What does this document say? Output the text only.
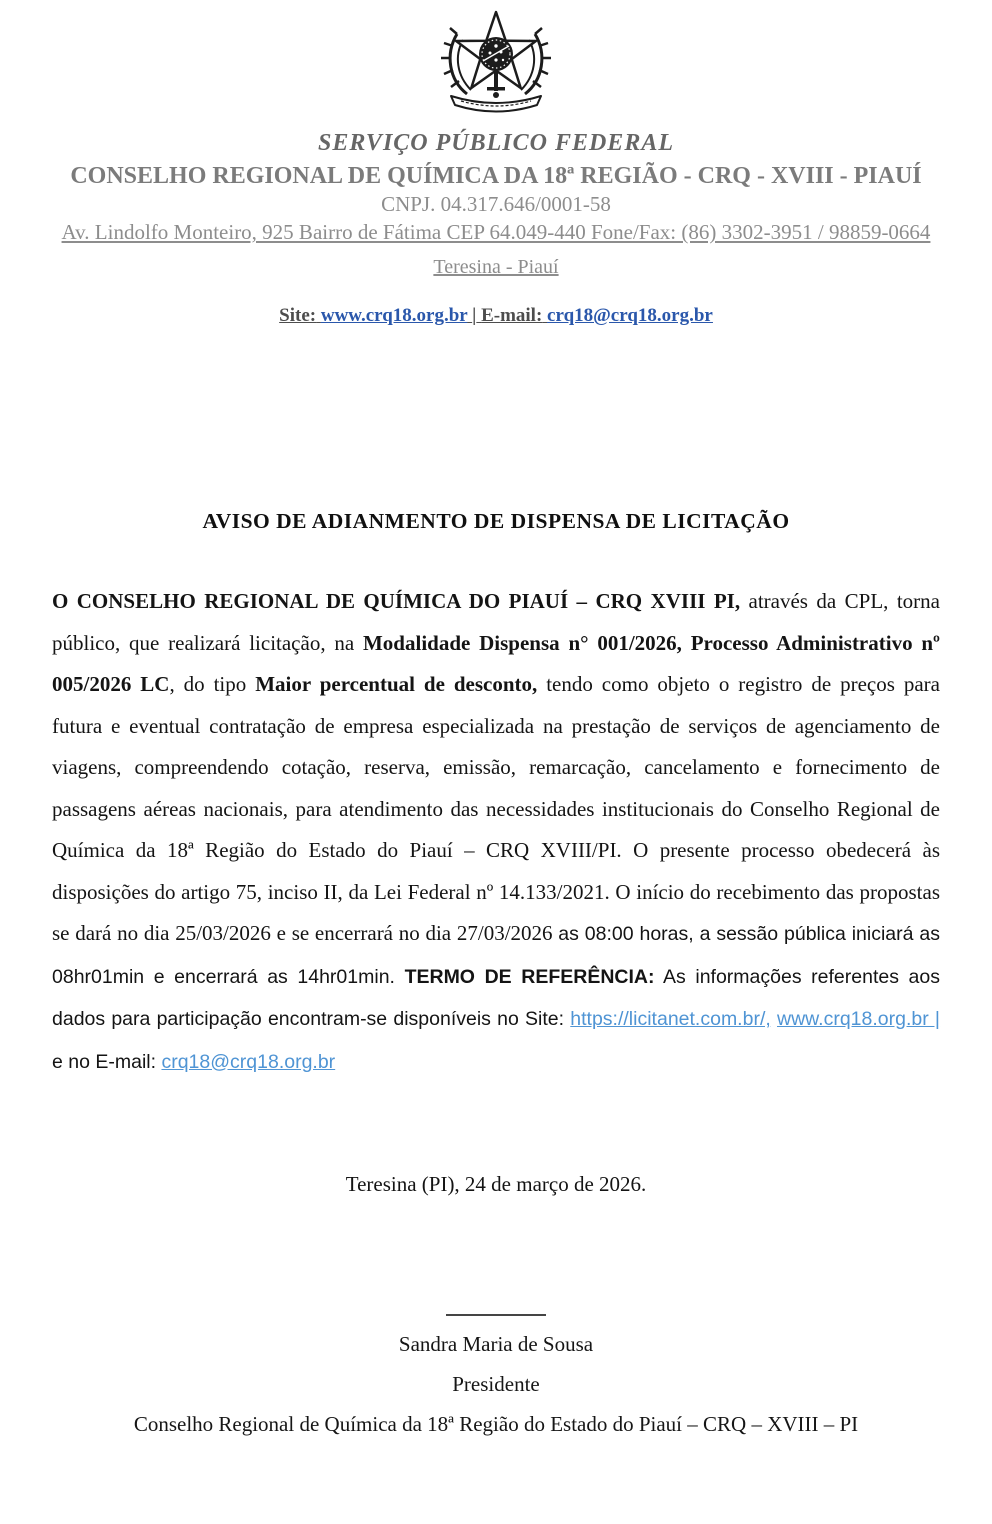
SERVIÇO PÚBLICO FEDERAL
CONSELHO REGIONAL DE QUÍMICA DA 18ª REGIÃO - CRQ - XVIII - PIAUÍ
CNPJ. 04.317.646/0001-58
Av. Lindolfo Monteiro, 925 Bairro de Fátima CEP 64.049-440 Fone/Fax: (86) 3302-3951 / 98859-0664
Teresina - Piauí
Site: www.crq18.org.br | E-mail: crq18@crq18.org.br
AVISO DE ADIANMENTO DE DISPENSA DE LICITAÇÃO

O CONSELHO REGIONAL DE QUÍMICA DO PIAUÍ – CRQ XVIII PI, através da CPL, torna público, que realizará licitação, na Modalidade Dispensa n° 001/2026, Processo Administrativo nº 005/2026 LC, do tipo Maior percentual de desconto, tendo como objeto o registro de preços para futura e eventual contratação de empresa especializada na prestação de serviços de agenciamento de viagens, compreendendo cotação, reserva, emissão, remarcação, cancelamento e fornecimento de passagens aéreas nacionais, para atendimento das necessidades institucionais do Conselho Regional de Química da 18ª Região do Estado do Piauí – CRQ XVIII/PI. O presente processo obedecerá às disposições do artigo 75, inciso II, da Lei Federal nº 14.133/2021. O início do recebimento das propostas se dará no dia 25/03/2026 e se encerrará no dia 27/03/2026 as 08:00 horas, a sessão pública iniciará as 08hr01min e encerrará as 14hr01min. TERMO DE REFERÊNCIA: As informações referentes aos dados para participação encontram-se disponíveis no Site: https://licitanet.com.br/, www.crq18.org.br | e no E-mail: crq18@crq18.org.br

Teresina (PI), 24 de março de 2026.
Sandra Maria de Sousa
Presidente
Conselho Regional de Química da 18ª Região do Estado do Piauí – CRQ – XVIII – PI
